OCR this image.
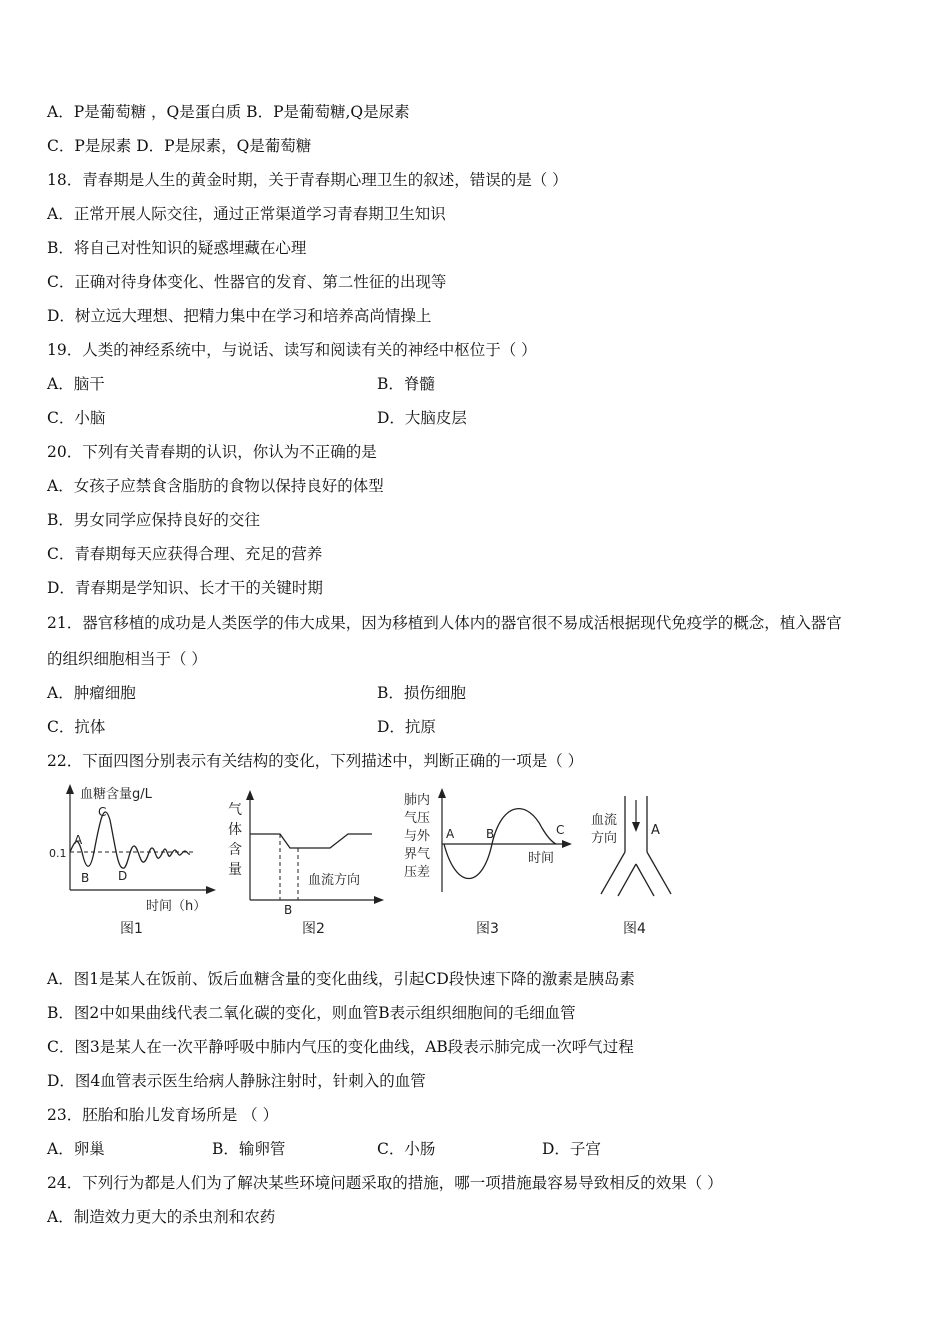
A．P是葡萄糖 ，Q是蛋白质 B．P是葡萄糖,Q是尿素
C．P是尿素 D．P是尿素，Q是葡萄糖
18．青春期是人生的黄金时期，关于青春期心理卫生的叙述，错误的是（ ）
A．正常开展人际交往，通过正常渠道学习青春期卫生知识
B．将自己对性知识的疑惑埋藏在心理
C．正确对待身体变化、性器官的发育、第二性征的出现等
D．树立远大理想、把精力集中在学习和培养高尚情操上
19．人类的神经系统中，与说话、读写和阅读有关的神经中枢位于（ ）
A．脑干	B．脊髓
C．小脑	D．大脑皮层
20．下列有关青春期的认识，你认为不正确的是
A．女孩子应禁食含脂肪的食物以保持良好的体型
B．男女同学应保持良好的交往
C．青春期每天应获得合理、充足的营养
D．青春期是学知识、长才干的关键时期
21．器官移植的成功是人类医学的伟大成果，因为移植到人体内的器官很不易成活根据现代免疫学的概念，植入器官
的组织细胞相当于（ ）
A．肿瘤细胞	B．损伤细胞
C．抗体	D．抗原
22．下面四图分别表示有关结构的变化，下列描述中，判断正确的一项是（ ）
血糖含量g/L
0.1
A
B
C
D
时间（h）
图1
气
体
含
量
血流方向
B
图2
肺内
气压
与外
界气
压差
A	B	C
时间
图3
血流
方向
A
图4
A．图1是某人在饭前、饭后血糖含量的变化曲线，引起CD段快速下降的激素是胰岛素
B．图2中如果曲线代表二氧化碳的变化，则血管B表示组织细胞间的毛细血管
C．图3是某人在一次平静呼吸中肺内气压的变化曲线，AB段表示肺完成一次呼气过程
D．图4血管表示医生给病人静脉注射时，针刺入的血管
23．胚胎和胎儿发育场所是 （ ）
A．卵巢	B．输卵管	C．小肠	D．子宫
24．下列行为都是人们为了解决某些环境问题采取的措施，哪一项措施最容易导致相反的效果（ ）
A．制造效力更大的杀虫剂和农药
